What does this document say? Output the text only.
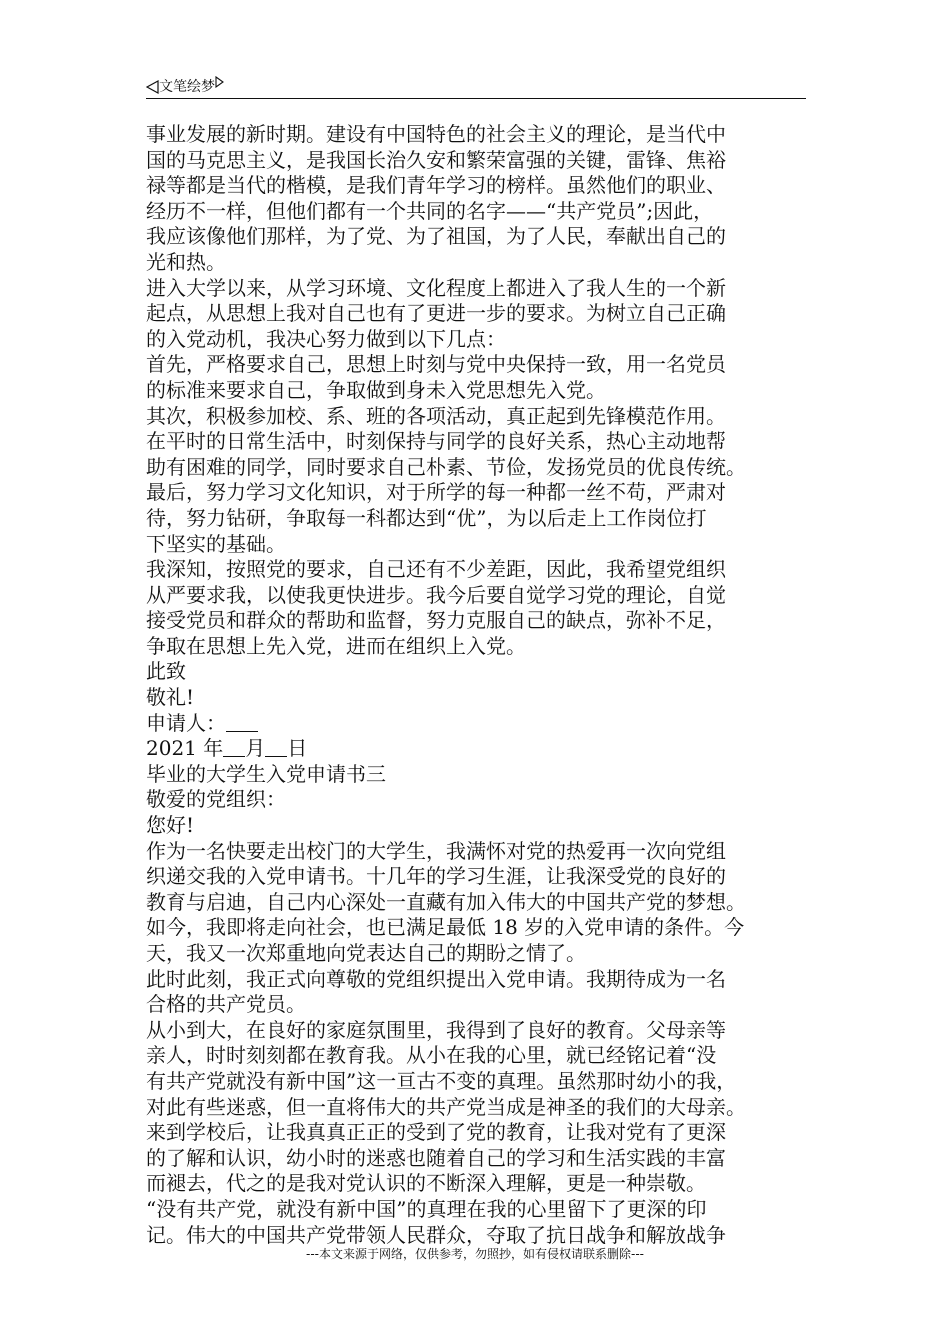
文笔绘梦

事业发展的新时期。建设有中国特色的社会主义的理论，是当代中

国的马克思主义，是我国长治久安和繁荣富强的关键，雷锋、焦裕

禄等都是当代的楷模，是我们青年学习的榜样。虽然他们的职业、

经历不一样，但他们都有一个共同的名字——“共产党员”;因此，

我应该像他们那样，为了党、为了祖国，为了人民，奉献出自己的

光和热。

进入大学以来，从学习环境、文化程度上都进入了我人生的一个新

起点，从思想上我对自己也有了更进一步的要求。为树立自己正确

的入党动机，我决心努力做到以下几点：

首先，严格要求自己，思想上时刻与党中央保持一致，用一名党员

的标准来要求自己，争取做到身未入党思想先入党。

其次，积极参加校、系、班的各项活动，真正起到先锋模范作用。

在平时的日常生活中，时刻保持与同学的良好关系，热心主动地帮

助有困难的同学，同时要求自己朴素、节俭，发扬党员的优良传统。

最后，努力学习文化知识，对于所学的每一种都一丝不苟，严肃对

待，努力钻研，争取每一科都达到“优”，为以后走上工作岗位打

下坚实的基础。

我深知，按照党的要求，自己还有不少差距，因此，我希望党组织

从严要求我，以使我更快进步。我今后要自觉学习党的理论，自觉

接受党员和群众的帮助和监督，努力克服自己的缺点，弥补不足，

争取在思想上先入党，进而在组织上入党。

此致

敬礼!

申请人：

2021 年 月 日

毕业的大学生入党申请书三

敬爱的党组织：

您好!

作为一名快要走出校门的大学生，我满怀对党的热爱再一次向党组

织递交我的入党申请书。十几年的学习生涯，让我深受党的良好的

教育与启迪，自己内心深处一直藏有加入伟大的中国共产党的梦想。

如今，我即将走向社会，也已满足最低 18 岁的入党申请的条件。今

天，我又一次郑重地向党表达自己的期盼之情了。

此时此刻，我正式向尊敬的党组织提出入党申请。我期待成为一名

合格的共产党员。

从小到大，在良好的家庭氛围里，我得到了良好的教育。父母亲等

亲人，时时刻刻都在教育我。从小在我的心里，就已经铭记着“没

有共产党就没有新中国”这一亘古不变的真理。虽然那时幼小的我，

对此有些迷惑，但一直将伟大的共产党当成是神圣的我们的大母亲。

来到学校后，让我真真正正的受到了党的教育，让我对党有了更深

的了解和认识，幼小时的迷惑也随着自己的学习和生活实践的丰富

而褪去，代之的是我对党认识的不断深入理解，更是一种崇敬。

“没有共产党，就没有新中国”的真理在我的心里留下了更深的印

记。伟大的中国共产党带领人民群众，夺取了抗日战争和解放战争

---本文来源于网络，仅供参考，勿照抄，如有侵权请联系删除---
